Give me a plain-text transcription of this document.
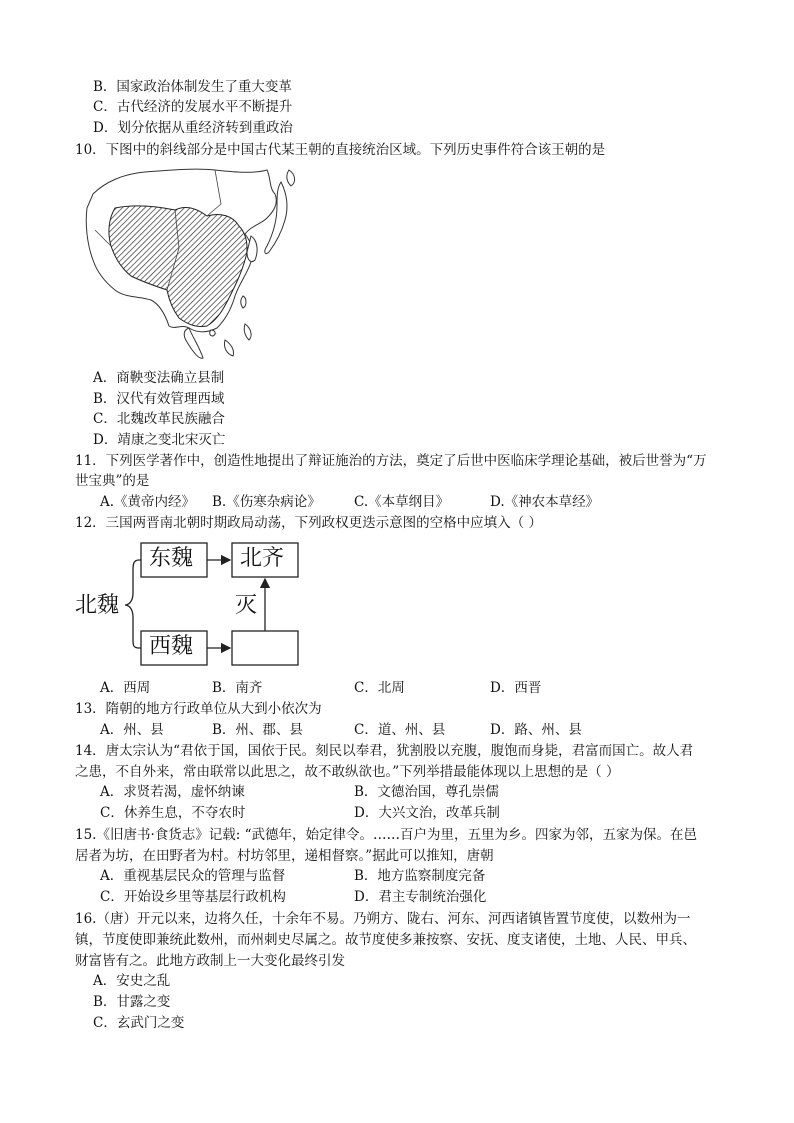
B．国家政治体制发生了重大变革
C．古代经济的发展水平不断提升
D．划分依据从重经济转到重政治
10．下图中的斜线部分是中国古代某王朝的直接统治区域。下列历史事件符合该王朝的是
A．商鞅变法确立县制
B．汉代有效管理西域
C．北魏改革民族融合
D．靖康之变北宋灭亡
11．下列医学著作中，创造性地提出了辩证施治的方法，奠定了后世中医临床学理论基础，被后世誉为“万
世宝典”的是
A.《黄帝内经》 B.《伤寒杂病论》 C.《本草纲目》	D.《神农本草经》
12．三国两晋南北朝时期政局动荡，下列政权更迭示意图的空格中应填入（ ）
北魏
东魏 北齐
西魏
灭
A．西周	B．南齐	C．北周	D．西晋
13．隋朝的地方行政单位从大到小依次为
A．州、县	B．州、郡、县	C．道、州、县	D．路、州、县
14．唐太宗认为“君依于国，国依于民。刻民以奉君，犹割股以充腹，腹饱而身毙，君富而国亡。故人君
之患，不自外来，常由联常以此思之，故不敢纵欲也。”下列举措最能体现以上思想的是（ ）
A．求贤若渴，虚怀纳谏	B．文德治国，尊孔崇儒
C．休养生息，不夺农时	D．大兴文治，改革兵制
15.《旧唐书·食货志》记载: “武德年，始定律令。……百户为里，五里为乡。四家为邻，五家为保。在邑
居者为坊，在田野者为村。村坊邻里，递相督察。”据此可以推知，唐朝
A．重视基层民众的管理与监督	B．地方监察制度完备
C．开始设乡里等基层行政机构	D．君主专制统治强化
16.（唐）开元以来，边将久任，十余年不易。乃朔方、陇右、河东、河西诸镇皆置节度使，以数州为一
镇，节度使即兼统此数州，而州刺史尽属之。故节度使多兼按察、安抚、度支诸使，土地、人民、甲兵、
财富皆有之。此地方政制上一大变化最终引发
A．安史之乱
B．甘露之变
C．玄武门之变
